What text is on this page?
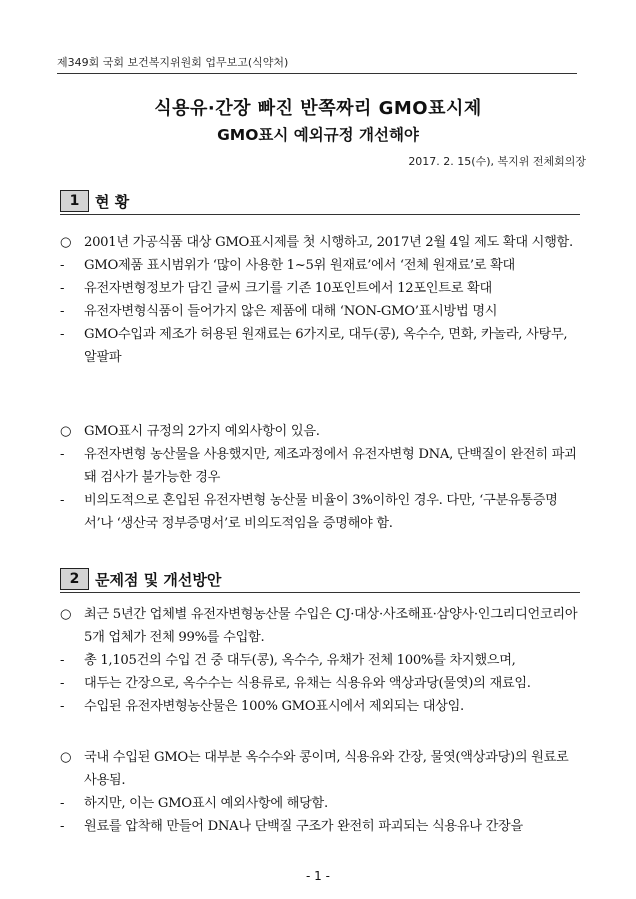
제349회 국회 보건복지위원회 업무보고(식약처)
식용유·간장 빠진 반쪽짜리 GMO표시제
GMO표시 예외규정 개선해야
2017. 2. 15(수), 복지위 전체회의장
1	현 황
○ 2001년 가공식품 대상 GMO표시제를 첫 시행하고, 2017년 2월 4일 제도 확대 시행함.
-	GMO제품 표시범위가 ‘많이 사용한 1~5위 원재료’에서 ‘전체 원재료’로 확대
-	유전자변형정보가 담긴 글씨 크기를 기존 10포인트에서 12포인트로 확대
-	유전자변형식품이 들어가지 않은 제품에 대해 ‘NON-GMO’표시방법 명시
-	GMO수입과 제조가 허용된 원재료는 6가지로, 대두(콩), 옥수수, 면화, 카놀라, 사탕무, 알팔파
○ GMO표시 규정의 2가지 예외사항이 있음.
-	유전자변형 농산물을 사용했지만, 제조과정에서 유전자변형 DNA, 단백질이 완전히 파괴돼 검사가 불가능한 경우
-	비의도적으로 혼입된 유전자변형 농산물 비율이 3%이하인 경우. 다만, ‘구분유통증명서’나 ‘생산국 정부증명서’로 비의도적임을 증명해야 함.
2	문제점 및 개선방안
○ 최근 5년간 업체별 유전자변형농산물 수입은 CJ·대상·사조해표·삼양사·인그리디언코리아 5개 업체가 전체 99%를 수입함.
-	총 1,105건의 수입 건 중 대두(콩), 옥수수, 유채가 전체 100%를 차지했으며,
-	대두는 간장으로, 옥수수는 식용류로, 유채는 식용유와 액상과당(물엿)의 재료임.
-	수입된 유전자변형농산물은 100% GMO표시에서 제외되는 대상임.
○ 국내 수입된 GMO는 대부분 옥수수와 콩이며, 식용유와 간장, 물엿(액상과당)의 원료로 사용됨.
-	하지만, 이는 GMO표시 예외사항에 해당함.
-	원료를 압착해 만들어 DNA나 단백질 구조가 완전히 파괴되는 식용유나 간장을
- 1 -
